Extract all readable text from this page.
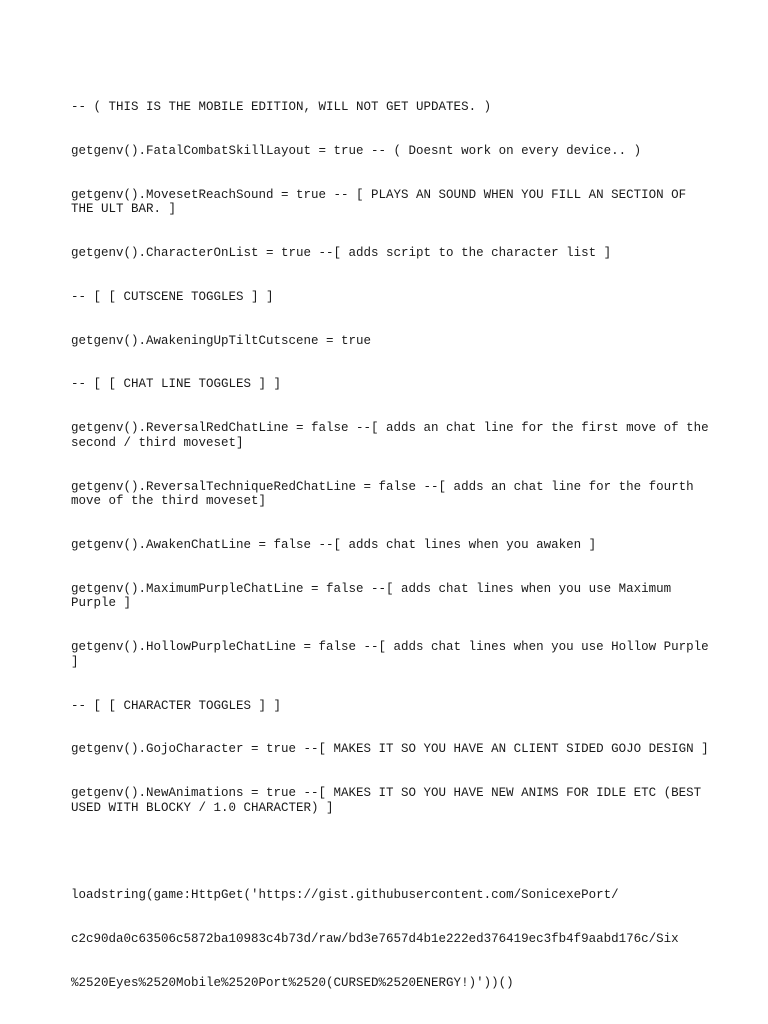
-- ( THIS IS THE MOBILE EDITION, WILL NOT GET UPDATES. )

getgenv().FatalCombatSkillLayout = true -- ( Doesnt work on every device.. )

getgenv().MovesetReachSound = true -- [ PLAYS AN SOUND WHEN YOU FILL AN SECTION OF THE ULT BAR. ]

getgenv().CharacterOnList = true --[ adds script to the character list ]

-- [ [ CUTSCENE TOGGLES ] ]

getgenv().AwakeningUpTiltCutscene = true

-- [ [ CHAT LINE TOGGLES ] ]

getgenv().ReversalRedChatLine = false --[ adds an chat line for the first move of the second / third moveset]

getgenv().ReversalTechniqueRedChatLine = false --[ adds an chat line for the fourth move of the third moveset]

getgenv().AwakenChatLine = false --[ adds chat lines when you awaken ]

getgenv().MaximumPurpleChatLine = false --[ adds chat lines when you use Maximum Purple ]

getgenv().HollowPurpleChatLine = false --[ adds chat lines when you use Hollow Purple ]

-- [ [ CHARACTER TOGGLES ] ]

getgenv().GojoCharacter = true --[ MAKES IT SO YOU HAVE AN CLIENT SIDED GOJO DESIGN ]

getgenv().NewAnimations = true --[ MAKES IT SO YOU HAVE NEW ANIMS FOR IDLE ETC (BEST USED WITH BLOCKY / 1.0 CHARACTER) ]

loadstring(game:HttpGet('https://gist.githubusercontent.com/SonicexePort/

c2c90da0c63506c5872ba10983c4b73d/raw/bd3e7657d4b1e222ed376419ec3fb4f9aabd176c/Six

%2520Eyes%2520Mobile%2520Port%2520(CURSED%2520ENERGY!)'))()
